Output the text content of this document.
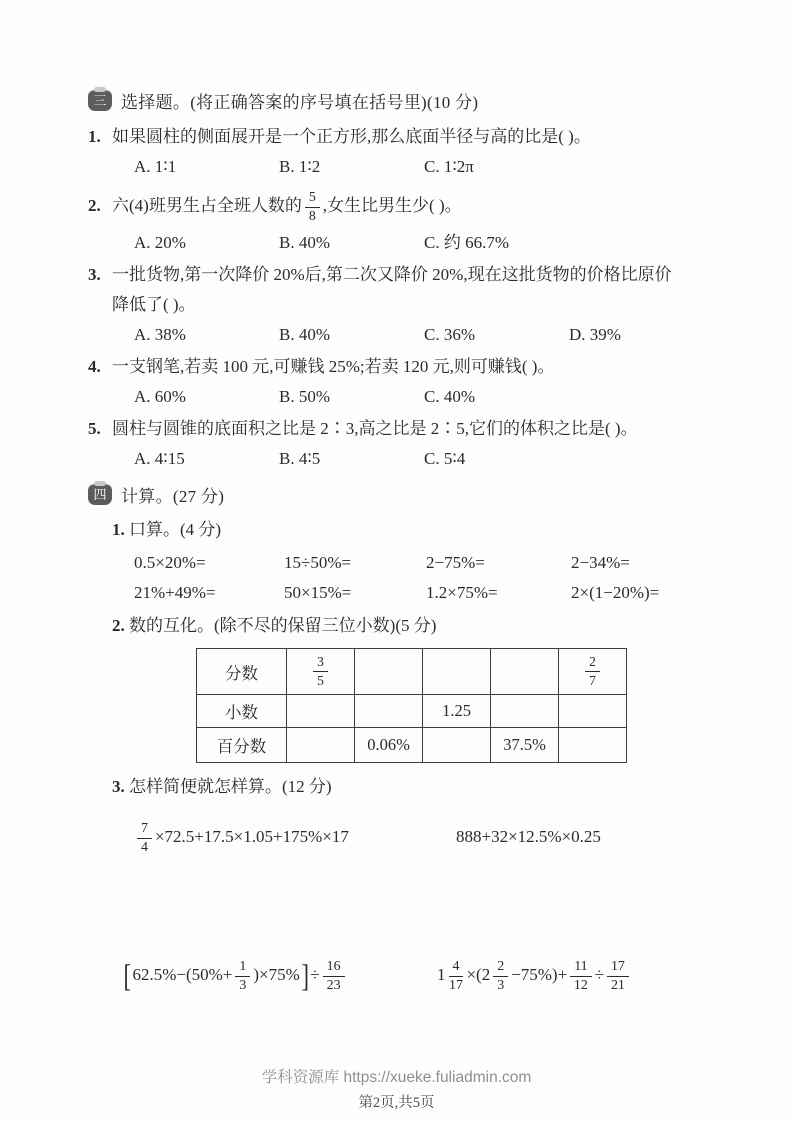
三 选择题。(将正确答案的序号填在括号里)(10 分)
1. 如果圆柱的侧面展开是一个正方形,那么底面半径与高的比是( )。
A. 1∶1	B. 1∶2	C. 1∶2π
2. 六(4)班男生占全班人数的 $\frac{5}{8}$ ,女生比男生少( )。
A. 20%	B. 40%	C. 约 66.7%
3. 一批货物,第一次降价 20%后,第二次又降价 20%,现在这批货物的价格比原价
降低了( )。
A. 38%	B. 40%	C. 36%	D. 39%
4. 一支钢笔,若卖 100 元,可赚钱 25%;若卖 120 元,则可赚钱( )。
A. 60%	B. 50%	C. 40%
5. 圆柱与圆锥的底面积之比是 2∶3,高之比是 2∶5,它们的体积之比是( )。
A. 4∶15	B. 4∶5	C. 5∶4
四 计算。(27 分)
1. 口算。(4 分)
0.5×20%=	15÷50%=	2−75%=	2−34%=
21%+49%=	50×15%=	1.2×75%=	2×(1−20%)=
2. 数的互化。(除不尽的保留三位小数)(5 分)
分数	$\frac{3}{5}$				$\frac{2}{7}$

小数			1.25		
百分数		0.06%		37.5%	
3. 怎样简便就怎样算。(12 分)
$\frac{7}{4} \times 72.5+17.5\times 1.05+175\%\times 17$	888+32×12.5%×0.25
$[62.5\%-(50\%+ \frac{1}{3} )\times 75\%]\div \frac{16}{23}$	$1 \frac{4}{17} \times(2 \frac{2}{3} -75\%)+ \frac{11}{12} \div \frac{17}{21}$
学科资源库 https://xueke.fuliadmin.com
第2页,共5页
